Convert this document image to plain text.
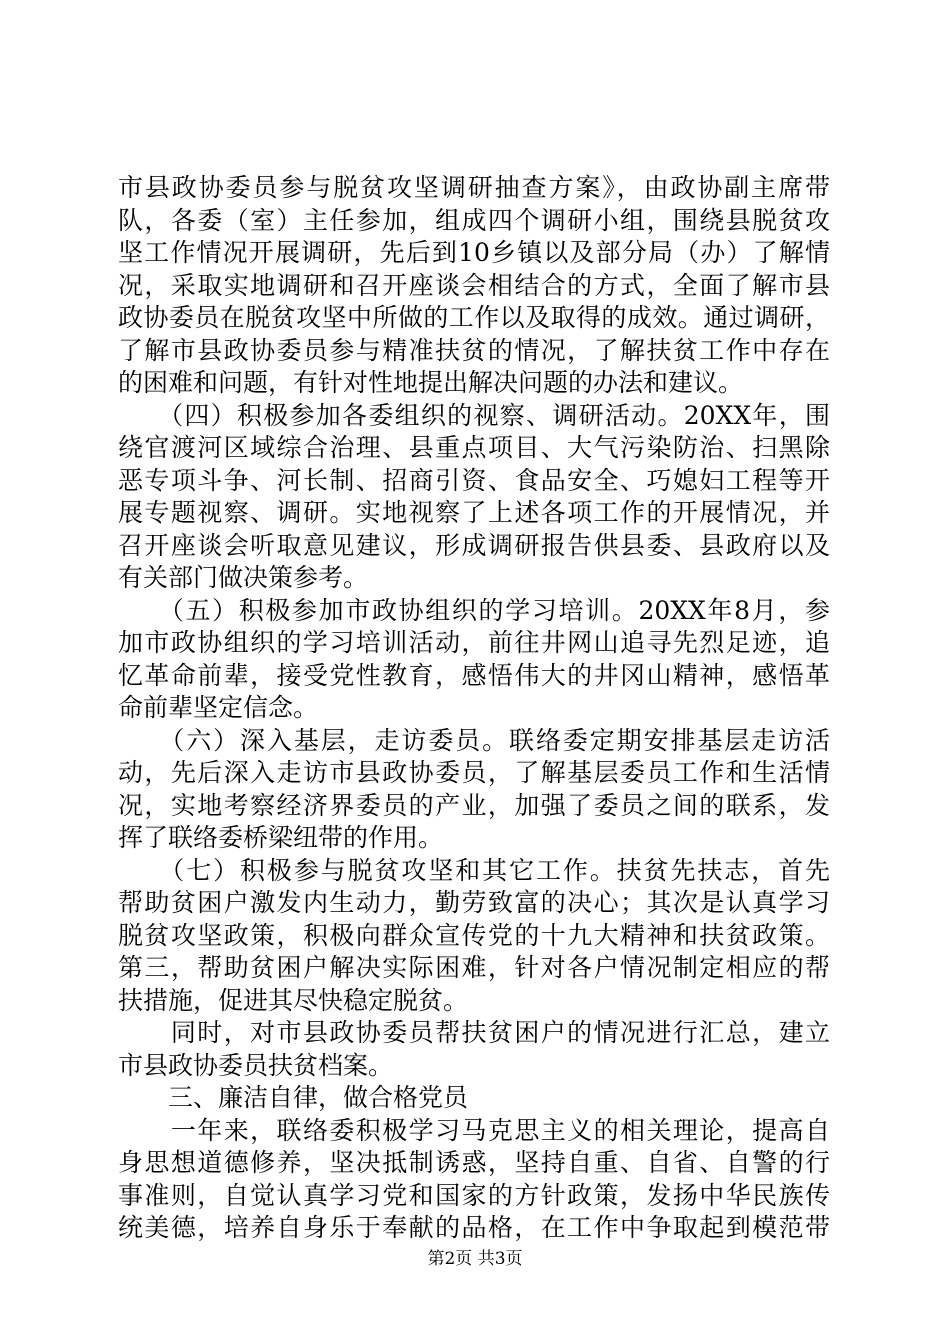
市县政协委员参与脱贫攻坚调研抽查方案》，由政协副主席带
队，各委（室）主任参加，组成四个调研小组，围绕县脱贫攻
坚工作情况开展调研，先后到10乡镇以及部分局（办）了解情
况，采取实地调研和召开座谈会相结合的方式，全面了解市县
政协委员在脱贫攻坚中所做的工作以及取得的成效。通过调研，
了解市县政协委员参与精准扶贫的情况，了解扶贫工作中存在
的困难和问题，有针对性地提出解决问题的办法和建议。
　　（四）积极参加各委组织的视察、调研活动。20XX年，围
绕官渡河区域综合治理、县重点项目、大气污染防治、扫黑除
恶专项斗争、河长制、招商引资、食品安全、巧媳妇工程等开
展专题视察、调研。实地视察了上述各项工作的开展情况，并
召开座谈会听取意见建议，形成调研报告供县委、县政府以及
有关部门做决策参考。
　　（五）积极参加市政协组织的学习培训。20XX年8月，参
加市政协组织的学习培训活动，前往井网山追寻先烈足迹，追
忆革命前辈，接受党性教育，感悟伟大的井冈山精神，感悟革
命前辈坚定信念。
　　（六）深入基层，走访委员。联络委定期安排基层走访活
动，先后深入走访市县政协委员，了解基层委员工作和生活情
况，实地考察经济界委员的产业，加强了委员之间的联系，发
挥了联络委桥梁纽带的作用。
　　（七）积极参与脱贫攻坚和其它工作。扶贫先扶志，首先
帮助贫困户激发内生动力，勤劳致富的决心；其次是认真学习
脱贫攻坚政策，积极向群众宣传党的十九大精神和扶贫政策。
第三，帮助贫困户解决实际困难，针对各户情况制定相应的帮
扶措施，促进其尽快稳定脱贫。
　　同时，对市县政协委员帮扶贫困户的情况进行汇总，建立
市县政协委员扶贫档案。
　　三、廉洁自律，做合格党员
　　一年来，联络委积极学习马克思主义的相关理论，提高自
身思想道德修养，坚决抵制诱惑，坚持自重、自省、自警的行
事准则，自觉认真学习党和国家的方针政策，发扬中华民族传
统美德，培养自身乐于奉献的品格，在工作中争取起到模范带
第2页 共3页
